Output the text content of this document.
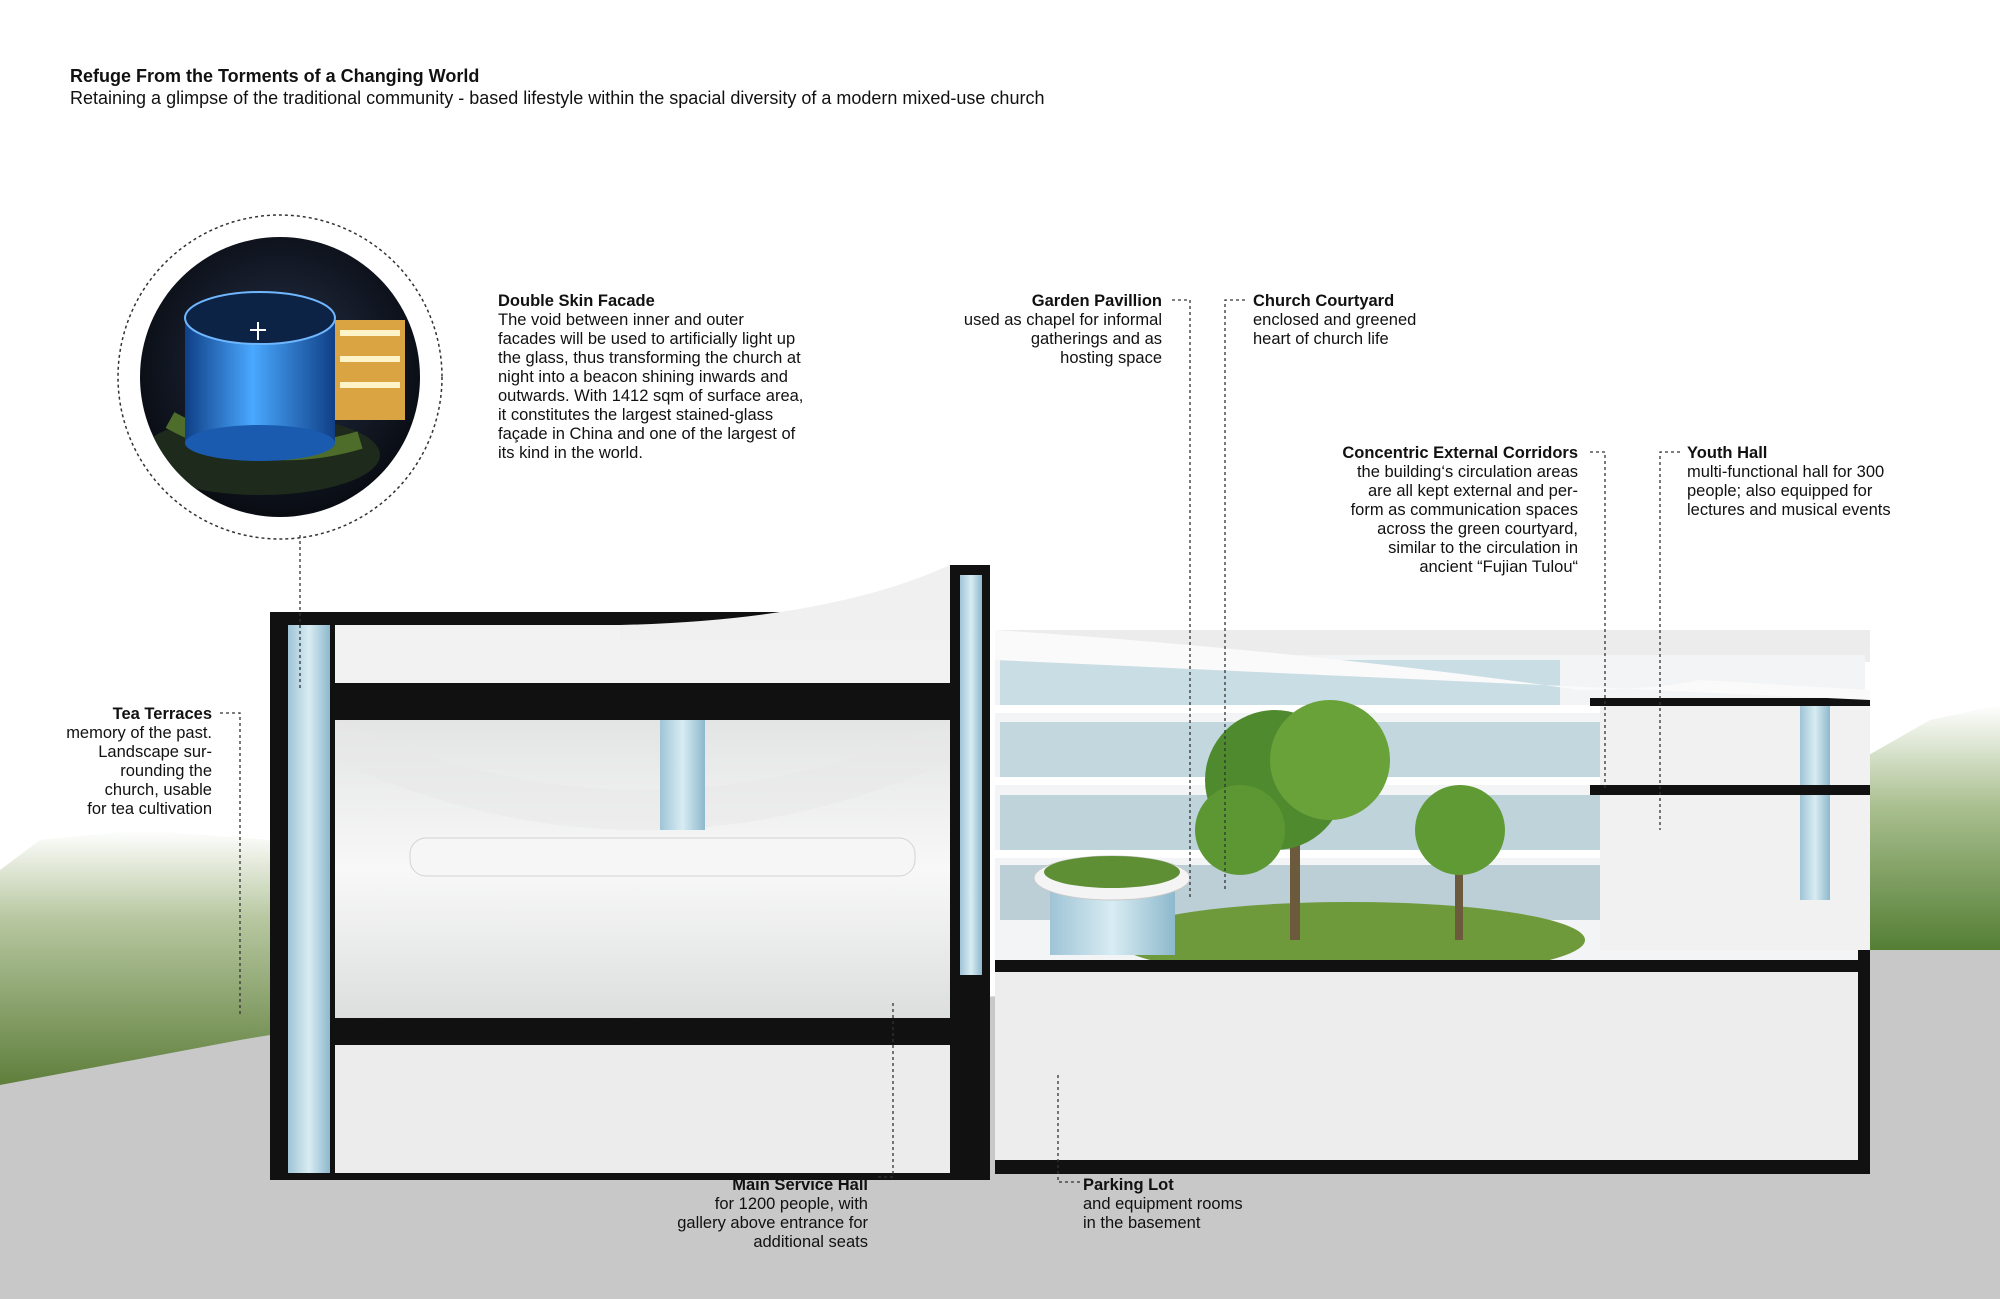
Refuge From the Torments of a Changing World
Retaining a glimpse of the traditional community - based lifestyle within the spacial diversity of a modern mixed-use church
Double Skin Facade
The void between inner and outer
facades will be used to artificially light up
the glass, thus transforming the church at
night into a beacon shining inwards and
outwards. With 1412 sqm of surface area,
it constitutes the largest stained-glass
façade in China and one of the largest of
its kind in the world.
Garden Pavillion
used as chapel for informal
gatherings and as
hosting space
Church Courtyard
enclosed and greened
heart of church life
Concentric External Corridors
the building‘s circulation areas
are all kept external and per-
form as communication spaces
across the green courtyard,
similar to the circulation in
ancient “Fujian Tulou“
Youth Hall
multi-functional hall for 300
people; also equipped for
lectures and musical events
Tea Terraces
memory of the past.
Landscape sur-
rounding the
church, usable
for tea cultivation
Main Service Hall
for 1200 people, with
gallery above entrance for
additional seats
Parking Lot
and equipment rooms
in the basement
